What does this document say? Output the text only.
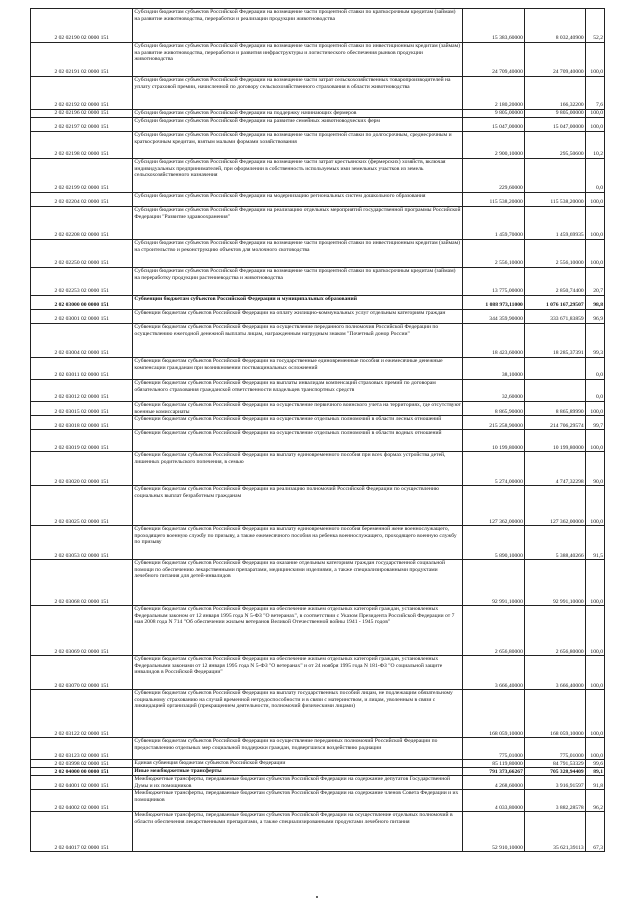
2 02 02190 02 0000 151	Субсидии бюджетам субъектов Российской Федерации на возмещение части процентной ставки по краткосрочным кредитам (займам) на развитие животноводства, переработки и реализации продукции животноводства	15 383,60000	8 032,40900	52,2
2 02 02191 02 0000 151	Субсидии бюджетам субъектов Российской Федерации на возмещение части процентной ставки по инвестиционным кредитам (займам) на развитие животноводства, переработки и развития инфраструктуры и логистического обеспечения рынков продукции животноводства	24 709,40000	24 709,40000	100,0
2 02 02192 02 0000 151	Субсидии бюджетам субъектов Российской Федерации на возмещение части затрат сельскохозяйственных товаропроизводителей на уплату страховой премии, начисленной по договору сельскохозяйственного страхования в области животноводства	2 180,20000	166,32200	7,6
2 02 02196 02 0000 151	Субсидии бюджетам субъектов Российской Федерации на поддержку начинающих фермеров	9 805,00000	9 805,00000	100,0
2 02 02197 02 0000 151	Субсидии бюджетам субъектов Российской Федерации на развитие семейных животноводческих ферм	15 047,00000	15 047,00000	100,0
2 02 02198 02 0000 151	Субсидии бюджетам субъектов Российской Федерации на возмещение части процентной ставки по долгосрочным, среднесрочным и краткосрочным кредитам, взятым малыми формами хозяйствования	2 900,10000	295,50600	10,2
2 02 02199 02 0000 151	Субсидии бюджетам субъектов Российской Федерации на возмещение части затрат крестьянских (фермерских) хозяйств, включая индивидуальных предпринимателей, при оформлении в собственность используемых ими земельных участков из земель сельскохозяйственного назначения	229,60000		0,0
2 02 02204 02 0000 151	Субсидии бюджетам субъектов Российской Федерации на модернизацию региональных систем дошкольного образования	115 538,20000	115 538,20000	100,0
2 02 02208 02 0000 151	Субсидии бюджетам субъектов Российской Федерации на реализацию отдельных мероприятий государственной программы Российской Федерации "Развитие здравоохранения"	1 459,70000	1 459,69935	100,0
2 02 02250 02 0000 151	Субсидии бюджетам субъектов Российской Федерации на возмещение части процентной ставки по инвестиционным кредитам (займам) на строительство и реконструкцию объектов для молочного скотоводства	2 556,10000	2 556,10000	100,0
2 02 02253 02 0000 151	Субсидии бюджетам субъектов Российской Федерации на возмещение части процентной ставки по краткосрочным кредитам (займам) на переработку продукции растениеводства и животноводства	13 775,00000	2 850,74400	20,7
2 02 03000 00 0000 151	Субвенции бюджетам субъектов Российской Федерации и муниципальных образований	1 088 973,11000	1 076 167,29507	98,8
2 02 03001 02 0000 151	Субвенции бюджетам субъектов Российской Федерации на оплату жилищно-коммунальных услуг отдельным категориям граждан	344 359,90000	333 671,83859	96,9
2 02 03004 02 0000 151	Субвенции бюджетам субъектов Российской Федерации на осуществление переданного полномочия Российской Федерации по осуществлению ежегодной денежной выплаты лицам, награжденным нагрудным знаком "Почетный донор России"	18 423,60000	18 285,37391	99,3
2 02 03011 02 0000 151	Субвенции бюджетам субъектов Российской Федерации на государственные единовременные пособия и ежемесячные денежные компенсации гражданам при возникновении поствакцинальных осложнений	38,10000		0,0
2 02 03012 02 0000 151	Субвенции бюджетам субъектов Российской Федерации на выплаты инвалидам компенсаций страховых премий по договорам обязательного страхования гражданской ответственности владельцев транспортных средств	32,60000		0,0
2 02 03015 02 0000 151	Субвенции бюджетам субъектов Российской Федерации на осуществление первичного воинского учета на территориях, где отсутствуют военные комиссариаты	8 865,90000	8 865,89990	100,0
2 02 03018 02 0000 151	Субвенции бюджетам субъектов Российской Федерации на осуществление отдельных полномочий в области лесных отношений	215 258,90000	214 706,29574	99,7
2 02 03019 02 0000 151	Субвенции бюджетам субъектов Российской Федерации на осуществление отдельных полномочий в области водных отношений	10 199,80000	10 199,80000	100,0
2 02 03020 02 0000 151	Субвенции бюджетам субъектов Российской Федерации на выплату единовременного пособия при всех формах устройства детей, лишенных родительского попечения, в семью	5 274,00000	4 747,32298	90,0
2 02 03025 02 0000 151	Субвенции бюджетам субъектов Российской Федерации на реализацию полномочий Российской Федерации по осуществлению социальных выплат безработным гражданам	127 362,00000	127 362,00000	100,0
2 02 03053 02 0000 151	Субвенции бюджетам субъектов Российской Федерации на выплату единовременного пособия беременной жене военнослужащего, проходящего военную службу по призыву, а также ежемесячного пособия на ребенка военнослужащего, проходящего военную службу по призыву	5 890,10000	5 388,40266	91,5
2 02 03068 02 0000 151	Субвенции бюджетам субъектов Российской Федерации на оказание отдельным категориям граждан государственной социальной помощи по обеспечению лекарственными препаратами, медицинскими изделиями, а также специализированными продуктами лечебного питания для детей-инвалидов	92 991,10000	92 991,10000	100,0
2 02 03069 02 0000 151	Субвенции бюджетам субъектов Российской Федерации на обеспечение жильем отдельных категорий граждан, установленных Федеральным законом от 12 января 1995 года N 5-ФЗ "О ветеранах", в соответствии с Указом Президента Российской Федерации от 7 мая 2008 года N 714 "Об обеспечении жильем ветеранов Великой Отечественной войны 1941 - 1945 годов"	2 656,80000	2 656,80000	100,0
2 02 03070 02 0000 151	Субвенции бюджетам субъектов Российской Федерации на обеспечение жильем отдельных категорий граждан, установленных Федеральными законами от 12 января 1995 года N 5-ФЗ "О ветеранах" и от 24 ноября 1995 года N 181-ФЗ "О социальной защите инвалидов в Российской Федерации"	3 666,40000	3 666,40000	100,0
2 02 03122 02 0000 151	Субвенции бюджетам субъектов Российской Федерации на выплату государственных пособий лицам, не подлежащим обязательному социальному страхованию на случай временной нетрудоспособности и в связи с материнством, и лицам, уволенным в связи с ликвидацией организаций (прекращением деятельности, полномочий физическими лицами)	168 059,10000	168 059,10000	100,0
2 02 03123 02 0000 151	Субвенции бюджетам субъектов Российской Федерации на осуществление переданных полномочий Российской Федерации по предоставлению отдельных мер социальной поддержки граждан, подвергшихся воздействию радиации	775,01000	775,01000	100,0
2 02 03998 02 0000 151	Единая субвенция бюджетам субъектов Российской Федерации	85 119,80000	84 791,53329	99,6
2 02 04000 00 0000 151	Иные межбюджетные трансферты	791 373,66267	705 328,94409	89,1
2 02 04001 02 0000 151	Межбюджетные трансферты, передаваемые бюджетам субъектов Российской Федерации на содержание депутатов Государственной Думы и их помощников	4 268,60000	3 916,91597	91,8
2 02 04002 02 0000 151	Межбюджетные трансферты, передаваемые бюджетам субъектов Российской Федерации на содержание членов Совета Федерации и их помощников	4 033,80000	3 882,28578	96,2
2 02 04017 02 0000 151	Межбюджетные трансферты, передаваемые бюджетам субъектов Российской Федерации на осуществление отдельных полномочий в области обеспечения лекарственными препаратами, а также специализированными продуктами лечебного питания	52 910,10000	35 621,39113	67,3
